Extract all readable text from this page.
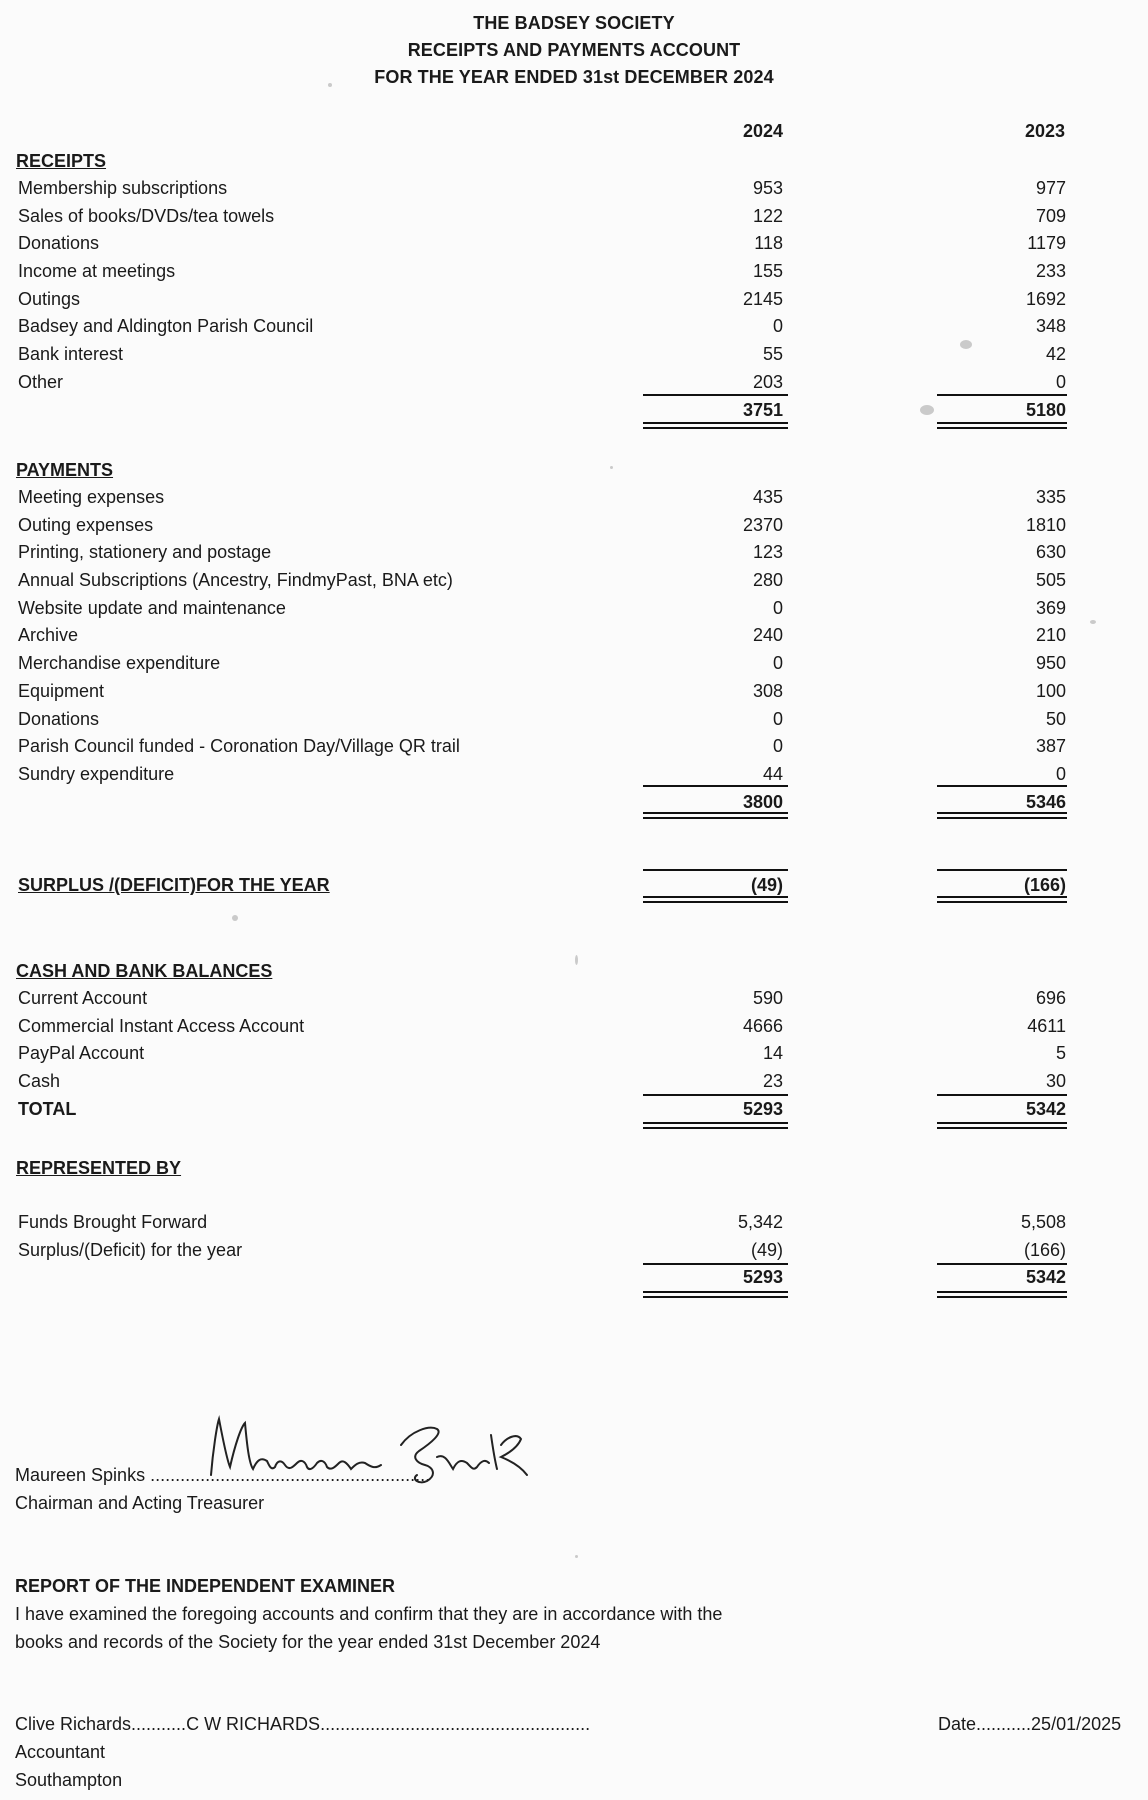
THE BADSEY SOCIETY
RECEIPTS AND PAYMENTS ACCOUNT
FOR THE YEAR ENDED 31st DECEMBER 2024
2024	2023
RECEIPTS
Membership subscriptions	953	977
Sales of books/DVDs/tea towels	122	709
Donations	118	1179
Income at meetings	155	233
Outings	2145	1692
Badsey and Aldington Parish Council	0	348
Bank interest	55	42
Other	203	0
3751	5180
PAYMENTS
Meeting expenses	435	335
Outing expenses	2370	1810
Printing, stationery and postage	123	630
Annual Subscriptions (Ancestry, FindmyPast, BNA etc)	280	505
Website update and maintenance	0	369
Archive	240	210
Merchandise expenditure	0	950
Equipment	308	100
Donations	0	50
Parish Council funded - Coronation Day/Village QR trail	0	387
Sundry expenditure	44	0
3800	5346
SURPLUS /(DEFICIT)FOR THE YEAR	(49)	(166)
CASH AND BANK BALANCES
Current Account	590	696
Commercial Instant Access Account	4666	4611
PayPal Account	14	5
Cash	23	30
TOTAL	5293	5342
REPRESENTED BY
Funds Brought Forward	5,342	5,508
Surplus/(Deficit) for the year	(49)	(166)
5293	5342
Maureen Spinks ........................................................
Chairman and Acting Treasurer
REPORT OF THE INDEPENDENT EXAMINER
I have examined the foregoing accounts and confirm that they are in accordance with the
books and records of the Society for the year ended 31st December 2024
Clive Richards...........C W RICHARDS......................................................
Accountant
Southampton
Date...........25/01/2025
